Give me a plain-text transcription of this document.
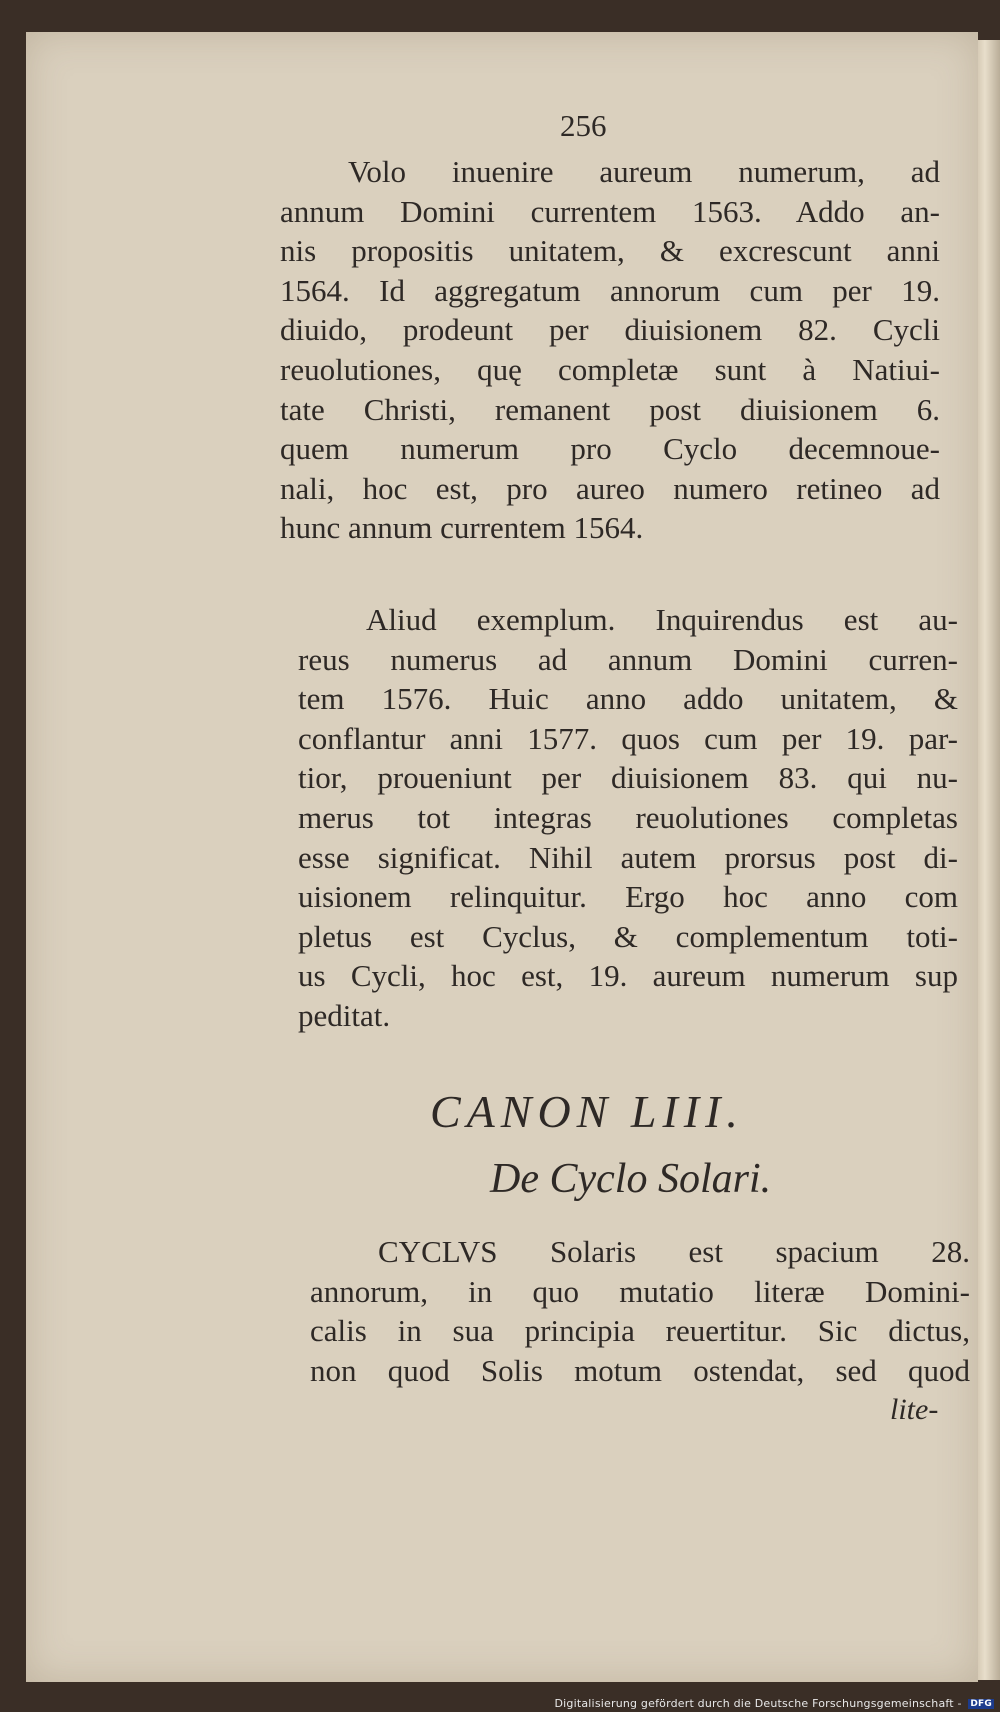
256
Volo inuenire aureum numerum, ad
annum Domini currentem 1563. Addo an-
nis propositis unitatem, & excrescunt anni
1564. Id aggregatum annorum cum per 19.
diuido, prodeunt per diuisionem 82. Cycli
reuolutiones, quę completæ sunt à Natiui-
tate Christi, remanent post diuisionem 6.
quem numerum pro Cyclo decemnoue-
nali, hoc est, pro aureo numero retineo ad
hunc annum currentem 1564.
Aliud exemplum. Inquirendus est au-
reus numerus ad annum Domini curren-
tem 1576. Huic anno addo unitatem, &
conflantur anni 1577. quos cum per 19. par-
tior, proueniunt per diuisionem 83. qui nu-
merus tot integras reuolutiones completas
esse significat. Nihil autem prorsus post di-
uisionem relinquitur. Ergo hoc anno com
pletus est Cyclus, & complementum toti-
us Cycli, hoc est, 19. aureum numerum sup
peditat.
CANON LIII.
De Cyclo Solari.
CYCLVS Solaris est spacium 28.
annorum, in quo mutatio literæ Domini-
calis in sua principia reuertitur. Sic dictus,
non quod Solis motum ostendat, sed quod
lite-
Digitalisierung gefördert durch die Deutsche Forschungsgemeinschaft - DFG
